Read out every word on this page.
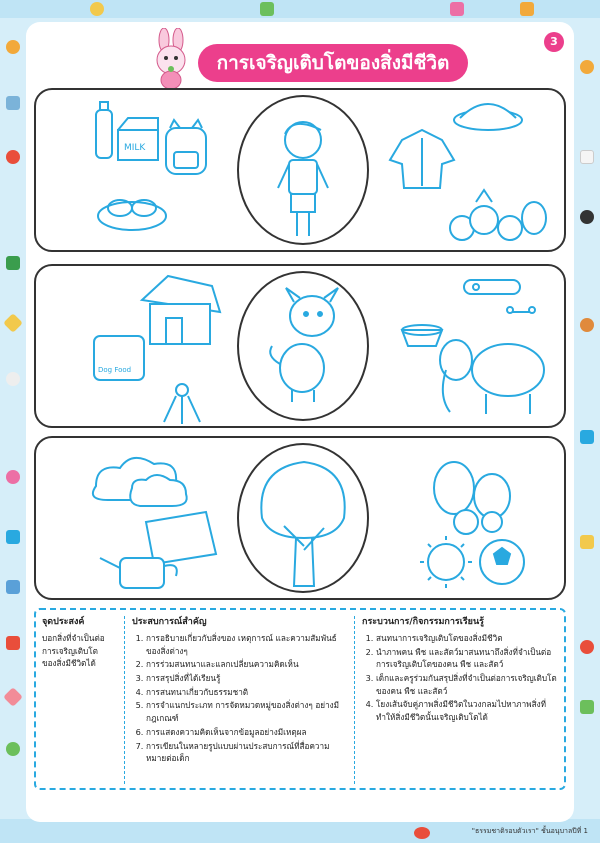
3
การเจริญเติบโตของสิ่งมีชีวิต
MILK
Dog Food
จุดประสงค์
บอกสิ่งที่จำเป็นต่อ
การเจริญเติบโต
ของสิ่งมีชีวิตได้
ประสบการณ์สำคัญ
1. การอธิบายเกี่ยวกับสิ่งของ เหตุการณ์ และความสัมพันธ์ของสิ่งต่างๆ
2. การร่วมสนทนาและแลกเปลี่ยนความคิดเห็น
3. การสรุปสิ่งที่ได้เรียนรู้
4. การสนทนาเกี่ยวกับธรรมชาติ
5. การจำแนกประเภท การจัดหมวดหมู่ของสิ่งต่างๆ อย่างมีกฎเกณฑ์
6. การแสดงความคิดเห็นจากข้อมูลอย่างมีเหตุผล
7. การเขียนในหลายรูปแบบผ่านประสบการณ์ที่สื่อความหมายต่อเด็ก
กระบวนการ/กิจกรรมการเรียนรู้
1. สนทนาการเจริญเติบโตของสิ่งมีชีวิต
2. นำภาพคน พืช และสัตว์มาสนทนาถึงสิ่งที่จำเป็นต่อการเจริญเติบโตของคน พืช และสัตว์
3. เด็กและครูร่วมกันสรุปสิ่งที่จำเป็นต่อการเจริญเติบโตของคน พืช และสัตว์
4. โยงเส้นจับคู่ภาพสิ่งมีชีวิตในวงกลมไปหาภาพสิ่งที่ทำให้สิ่งมีชีวิตนั้นเจริญเติบโตได้
"ธรรมชาติรอบตัวเรา" ชั้นอนุบาลปีที่ 1
